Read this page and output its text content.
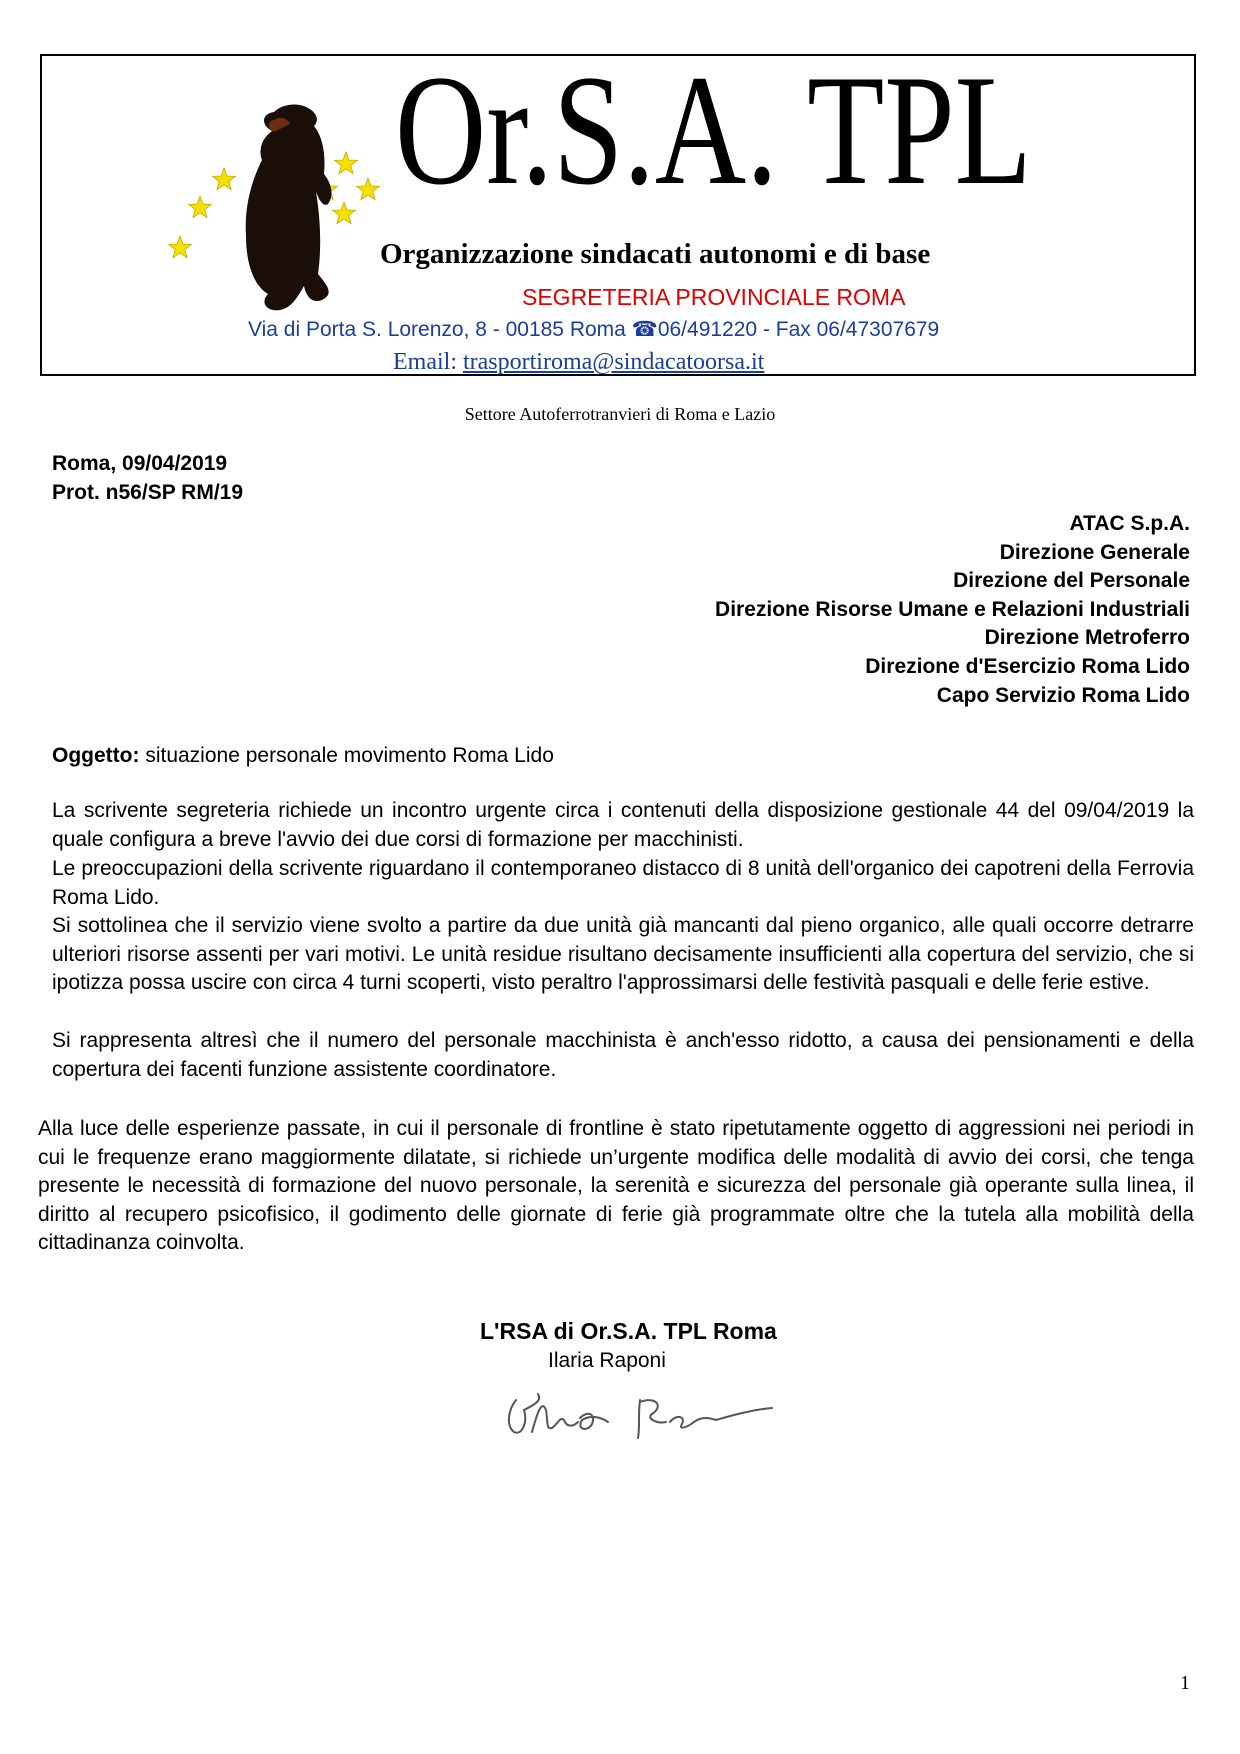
Or.S.A. TPL
Organizzazione sindacati autonomi e di base
SEGRETERIA PROVINCIALE ROMA
Via di Porta S. Lorenzo, 8 - 00185 Roma ☎06/491220 - Fax 06/47307679
Email: trasportiroma@sindacatoorsa.it
Settore Autoferrotranvieri di Roma e Lazio
Roma, 09/04/2019
Prot. n56/SP RM/19
ATAC S.p.A.
Direzione Generale
Direzione del Personale
Direzione Risorse Umane e Relazioni Industriali
Direzione Metroferro
Direzione d'Esercizio Roma Lido
Capo Servizio Roma Lido
Oggetto: situazione personale movimento Roma Lido

La scrivente segreteria richiede un incontro urgente circa i contenuti della disposizione gestionale 44 del 09/04/2019 la quale configura a breve l'avvio dei due corsi di formazione per macchinisti.

Le preoccupazioni della scrivente riguardano il contemporaneo distacco di 8 unità dell'organico dei capotreni della Ferrovia Roma Lido.

Si sottolinea che il servizio viene svolto a partire da due unità già mancanti dal pieno organico, alle quali occorre detrarre ulteriori risorse assenti per vari motivi. Le unità residue risultano decisamente insufficienti alla copertura del servizio, che si ipotizza possa uscire con circa 4 turni scoperti, visto peraltro l'approssimarsi delle festività pasquali e delle ferie estive.

Si rappresenta altresì che il numero del personale macchinista è anch'esso ridotto, a causa dei pensionamenti e della copertura dei facenti funzione assistente coordinatore.

Alla luce delle esperienze passate, in cui il personale di frontline è stato ripetutamente oggetto di aggressioni nei periodi in cui le frequenze erano maggiormente dilatate, si richiede un’urgente modifica delle modalità di avvio dei corsi, che tenga presente le necessità di formazione del nuovo personale, la serenità e sicurezza del personale già operante sulla linea, il diritto al recupero psicofisico, il godimento delle giornate di ferie già programmate oltre che la tutela alla mobilità della cittadinanza coinvolta.

L'RSA di Or.S.A. TPL Roma
Ilaria Raponi
1
